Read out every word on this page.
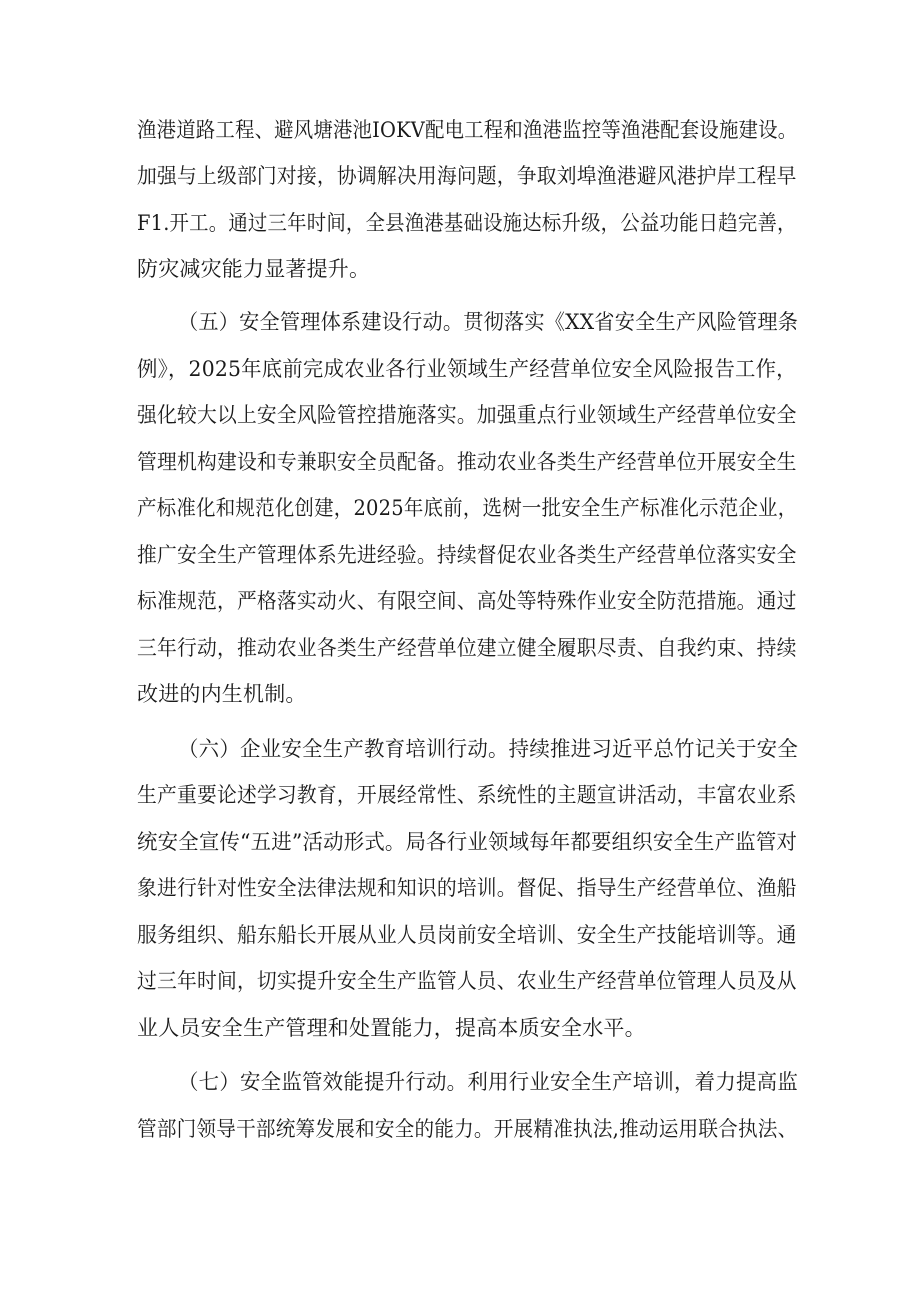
渔港道路工程、避风塘港池IOKV配电工程和渔港监控等渔港配套设施建设。
加强与上级部门对接，协调解决用海问题，争取刘埠渔港避风港护岸工程早
F1.开工。通过三年时间，全县渔港基础设施达标升级，公益功能日趋完善，
防灾减灾能力显著提升。
（五）安全管理体系建设行动。贯彻落实《XX省安全生产风险管理条
例》，2025年底前完成农业各行业领域生产经营单位安全风险报告工作，
强化较大以上安全风险管控措施落实。加强重点行业领域生产经营单位安全
管理机构建设和专兼职安全员配备。推动农业各类生产经营单位开展安全生
产标准化和规范化创建，2025年底前，选树一批安全生产标准化示范企业，
推广安全生产管理体系先进经验。持续督促农业各类生产经营单位落实安全
标准规范，严格落实动火、有限空间、高处等特殊作业安全防范措施。通过
三年行动，推动农业各类生产经营单位建立健全履职尽责、自我约束、持续
改进的内生机制。
（六）企业安全生产教育培训行动。持续推进习近平总竹记关于安全
生产重要论述学习教育，开展经常性、系统性的主题宣讲活动，丰富农业系
统安全宣传“五进”活动形式。局各行业领域每年都要组织安全生产监管对
象进行针对性安全法律法规和知识的培训。督促、指导生产经营单位、渔船
服务组织、船东船长开展从业人员岗前安全培训、安全生产技能培训等。通
过三年时间，切实提升安全生产监管人员、农业生产经营单位管理人员及从
业人员安全生产管理和处置能力，提高本质安全水平。
（七）安全监管效能提升行动。利用行业安全生产培训，着力提高监
管部门领导干部统筹发展和安全的能力。开展精准执法,推动运用联合执法、
